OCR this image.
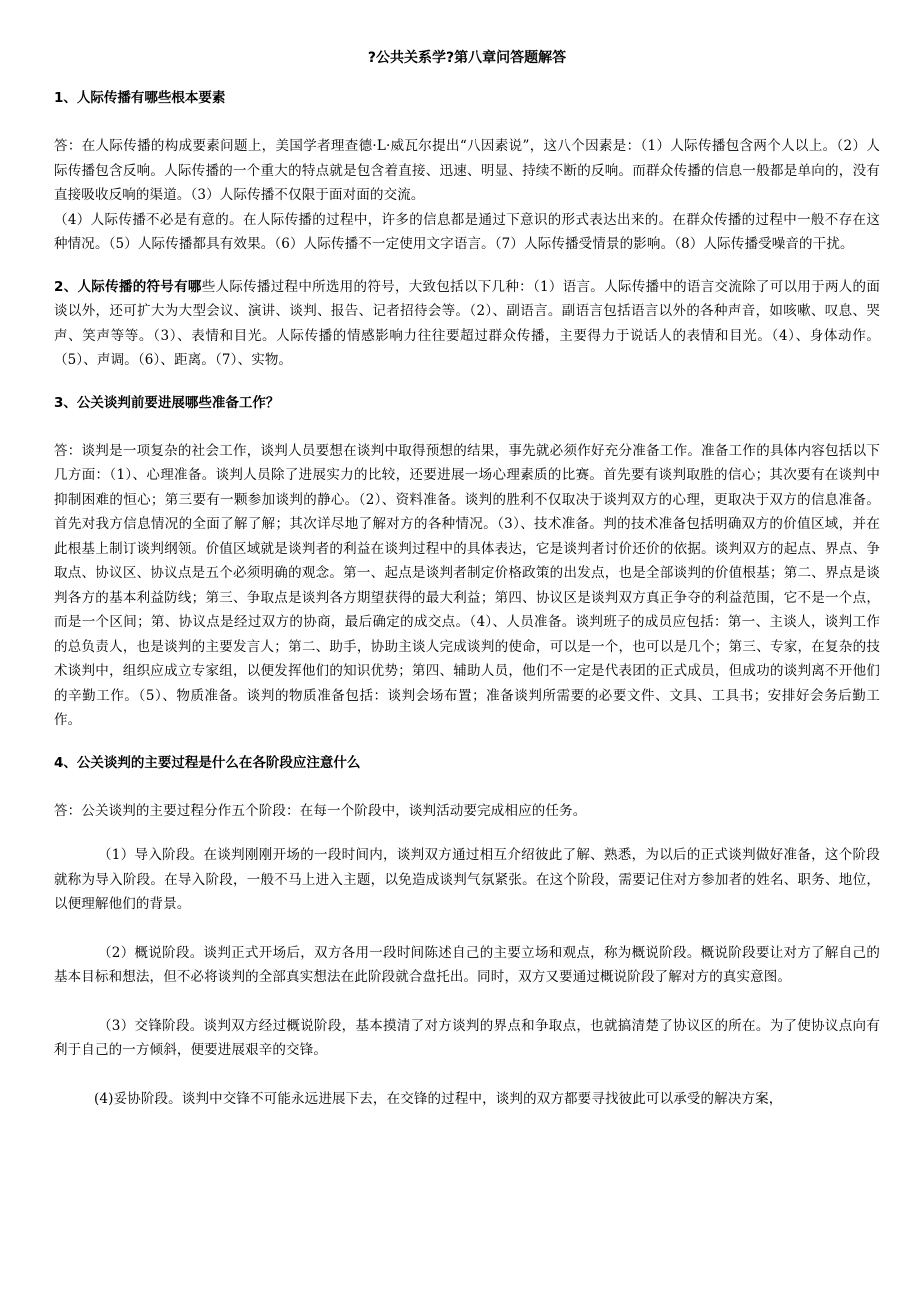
?公共关系学?第八章问答题解答
1、人际传播有哪些根本要素
答：在人际传播的构成要素问题上，美国学者理查德·L·威瓦尔提出“八因素说”，这八个因素是：（1）人际传播包含两个人以上。（2）人际传播包含反响。人际传播的一个重大的特点就是包含着直接、迅速、明显、持续不断的反响。而群众传播的信息一般都是单向的，没有直接吸收反响的渠道。（3）人际传播不仅限于面对面的交流。
（4）人际传播不必是有意的。在人际传播的过程中，许多的信息都是通过下意识的形式表达出来的。在群众传播的过程中一般不存在这种情况。（5）人际传播都具有效果。（6）人际传播不一定使用文字语言。（7）人际传播受情景的影响。（8）人际传播受噪音的干扰。
2、人际传播的符号有哪些人际传播过程中所选用的符号，大致包括以下几种：（1）语言。人际传播中的语言交流除了可以用于两人的面谈以外，还可扩大为大型会议、演讲、谈判、报告、记者招待会等。（2）、副语言。副语言包括语言以外的各种声音，如咳嗽、叹息、哭声、笑声等等。（3）、表情和目光。人际传播的情感影响力往往要超过群众传播，主要得力于说话人的表情和目光。（4）、身体动作。（5）、声调。（6）、距离。（7）、实物。
3、公关谈判前要进展哪些准备工作？
答：谈判是一项复杂的社会工作，谈判人员要想在谈判中取得预想的结果，事先就必须作好充分准备工作。准备工作的具体内容包括以下几方面：（1）、心理准备。谈判人员除了进展实力的比较，还要进展一场心理素质的比赛。首先要有谈判取胜的信心；其次要有在谈判中抑制困难的恒心；第三要有一颗参加谈判的静心。（2）、资料准备。谈判的胜利不仅取决于谈判双方的心理，更取决于双方的信息准备。首先对我方信息情况的全面了解了解；其次详尽地了解对方的各种情况。（3）、技术准备。判的技术准备包括明确双方的价值区域，并在此根基上制订谈判纲领。价值区域就是谈判者的利益在谈判过程中的具体表达，它是谈判者讨价还价的依据。谈判双方的起点、界点、争取点、协议区、协议点是五个必须明确的观念。第一、起点是谈判者制定价格政策的出发点，也是全部谈判的价值根基；第二、界点是谈判各方的基本利益防线；第三、争取点是谈判各方期望获得的最大利益；第四、协议区是谈判双方真正争夺的利益范围，它不是一个点，而是一个区间；第、协议点是经过双方的协商，最后确定的成交点。（4）、人员准备。谈判班子的成员应包括：第一、主谈人，谈判工作的总负责人，也是谈判的主要发言人；第二、助手，协助主谈人完成谈判的使命，可以是一个，也可以是几个；第三、专家，在复杂的技术谈判中，组织应成立专家组，以便发挥他们的知识优势；第四、辅助人员，他们不一定是代表团的正式成员，但成功的谈判离不开他们的辛勤工作。（5）、物质准备。谈判的物质准备包括：谈判会场布置；准备谈判所需要的必要文件、文具、工具书；安排好会务后勤工作。
4、公关谈判的主要过程是什么在各阶段应注意什么
答：公关谈判的主要过程分作五个阶段：在每一个阶段中，谈判活动要完成相应的任务。
（1）导入阶段。在谈判刚刚开场的一段时间内，谈判双方通过相互介绍彼此了解、熟悉，为以后的正式谈判做好准备，这个阶段就称为导入阶段。在导入阶段，一般不马上进入主题，以免造成谈判气氛紧张。在这个阶段，需要记住对方参加者的姓名、职务、地位，以便理解他们的背景。
（2）概说阶段。谈判正式开场后，双方各用一段时间陈述自己的主要立场和观点，称为概说阶段。概说阶段要让对方了解自己的基本目标和想法，但不必将谈判的全部真实想法在此阶段就合盘托出。同时，双方又要通过概说阶段了解对方的真实意图。
（3）交锋阶段。谈判双方经过概说阶段，基本摸清了对方谈判的界点和争取点，也就搞清楚了协议区的所在。为了使协议点向有利于自己的一方倾斜，便要进展艰辛的交锋。
(4)妥协阶段。谈判中交锋不可能永远进展下去，在交锋的过程中，谈判的双方都要寻找彼此可以承受的解决方案，
